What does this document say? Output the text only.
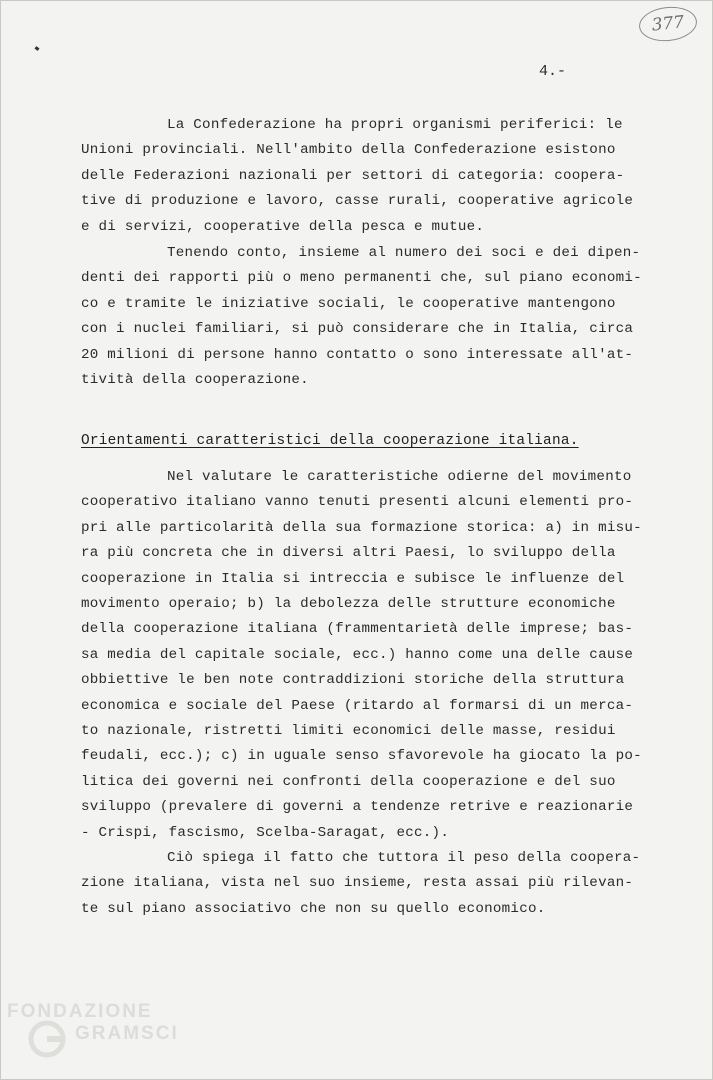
377
4.-
La Confederazione ha propri organismi periferici: le
Unioni provinciali. Nell'ambito della Confederazione esistono
delle Federazioni nazionali per settori di categoria: coopera-
tive di produzione e lavoro, casse rurali, cooperative agricole
e di servizi, cooperative della pesca e mutue.
Tenendo conto, insieme al numero dei soci e dei dipen-
denti dei rapporti più o meno permanenti che, sul piano economi-
co e tramite le iniziative sociali, le cooperative mantengono
con i nuclei familiari, si può considerare che in Italia, circa
20 milioni di persone hanno contatto o sono interessate all'at-
tività della cooperazione.
Orientamenti caratteristici della cooperazione italiana.
Nel valutare le caratteristiche odierne del movimento
cooperativo italiano vanno tenuti presenti alcuni elementi pro-
pri alle particolarità della sua formazione storica: a) in misu-
ra più concreta che in diversi altri Paesi, lo sviluppo della
cooperazione in Italia si intreccia e subisce le influenze del
movimento operaio; b) la debolezza delle strutture economiche
della cooperazione italiana (frammentarietà delle imprese; bas-
sa media del capitale sociale, ecc.) hanno come una delle cause
obbiettive le ben note contraddizioni storiche della struttura
economica e sociale del Paese (ritardo al formarsi di un merca-
to nazionale, ristretti limiti economici delle masse, residui
feudali, ecc.); c) in uguale senso sfavorevole ha giocato la po-
litica dei governi nei confronti della cooperazione e del suo
sviluppo (prevalere di governi a tendenze retrive e reazionarie
- Crispi, fascismo, Scelba-Saragat, ecc.).
Ciò spiega il fatto che tuttora il peso della coopera-
zione italiana, vista nel suo insieme, resta assai più rilevan-
te sul piano associativo che non su quello economico.
FONDAZIONE
GRAMSCI
